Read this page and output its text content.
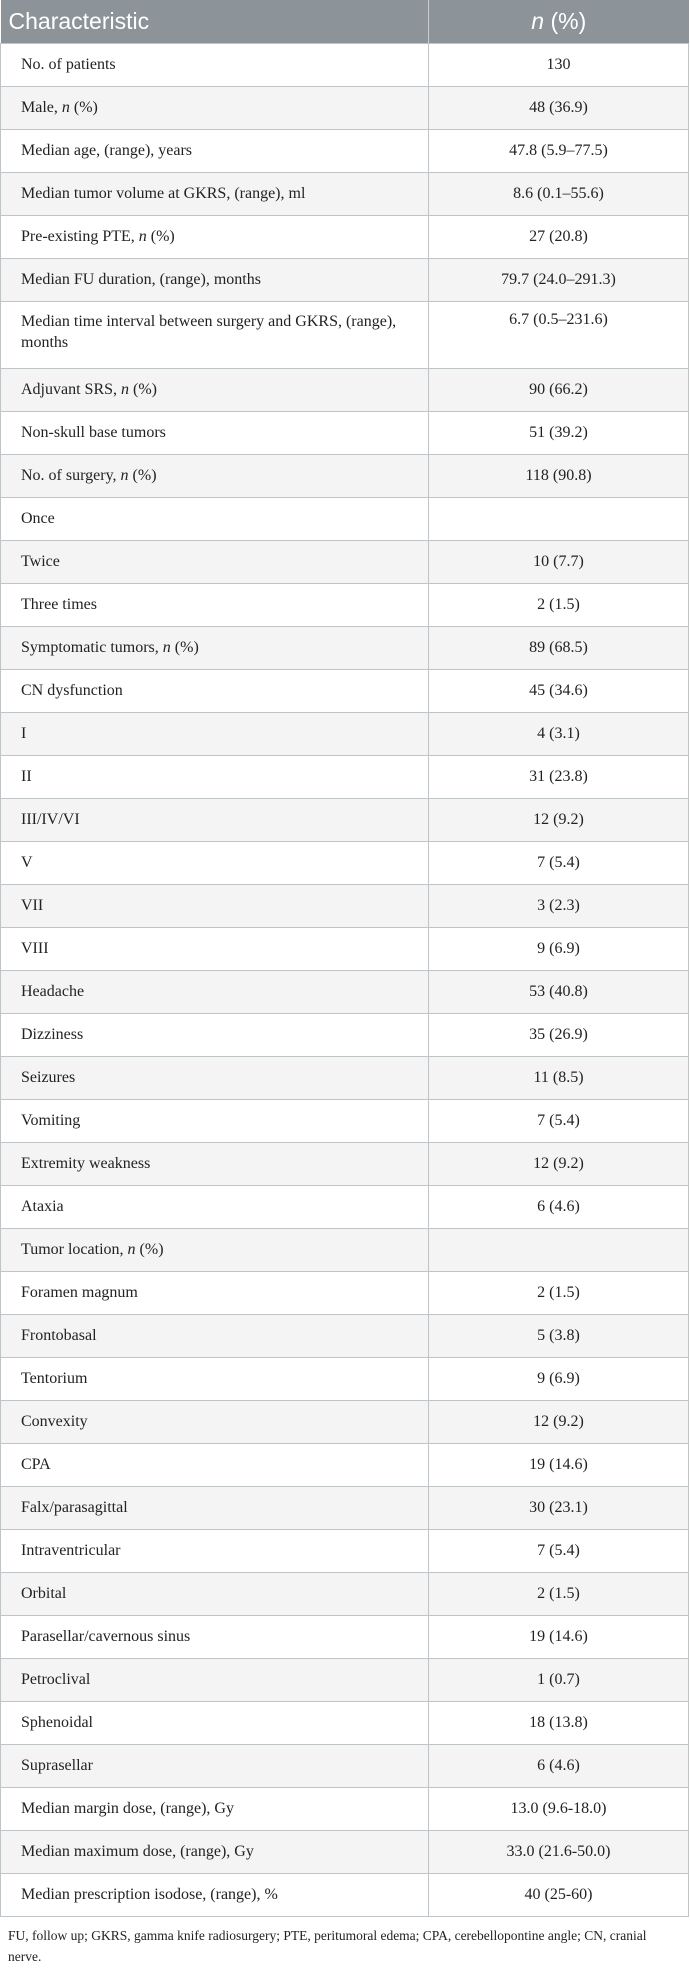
Characteristic	n (%)
No. of patients	130
Male, n (%)	48 (36.9)
Median age, (range), years	47.8 (5.9–77.5)
Median tumor volume at GKRS, (range), ml	8.6 (0.1–55.6)
Pre-existing PTE, n (%)	27 (20.8)
Median FU duration, (range), months	79.7 (24.0–291.3)
Median time interval between surgery and GKRS, (range), months	6.7 (0.5–231.6)
Adjuvant SRS, n (%)	90 (66.2)
Non-skull base tumors	51 (39.2)
No. of surgery, n (%)	118 (90.8)
Once	
Twice	10 (7.7)
Three times	2 (1.5)
Symptomatic tumors, n (%)	89 (68.5)
CN dysfunction	45 (34.6)
I	4 (3.1)
II	31 (23.8)
III/IV/VI	12 (9.2)
V	7 (5.4)
VII	3 (2.3)
VIII	9 (6.9)
Headache	53 (40.8)
Dizziness	35 (26.9)
Seizures	11 (8.5)
Vomiting	7 (5.4)
Extremity weakness	12 (9.2)
Ataxia	6 (4.6)
Tumor location, n (%)	
Foramen magnum	2 (1.5)
Frontobasal	5 (3.8)
Tentorium	9 (6.9)
Convexity	12 (9.2)
CPA	19 (14.6)
Falx/parasagittal	30 (23.1)
Intraventricular	7 (5.4)
Orbital	2 (1.5)
Parasellar/cavernous sinus	19 (14.6)
Petroclival	1 (0.7)
Sphenoidal	18 (13.8)
Suprasellar	6 (4.6)
Median margin dose, (range), Gy	13.0 (9.6-18.0)
Median maximum dose, (range), Gy	33.0 (21.6-50.0)
Median prescription isodose, (range), %	40 (25-60)
FU, follow up; GKRS, gamma knife radiosurgery; PTE, peritumoral edema; CPA, cerebellopontine angle; CN, cranial nerve.
